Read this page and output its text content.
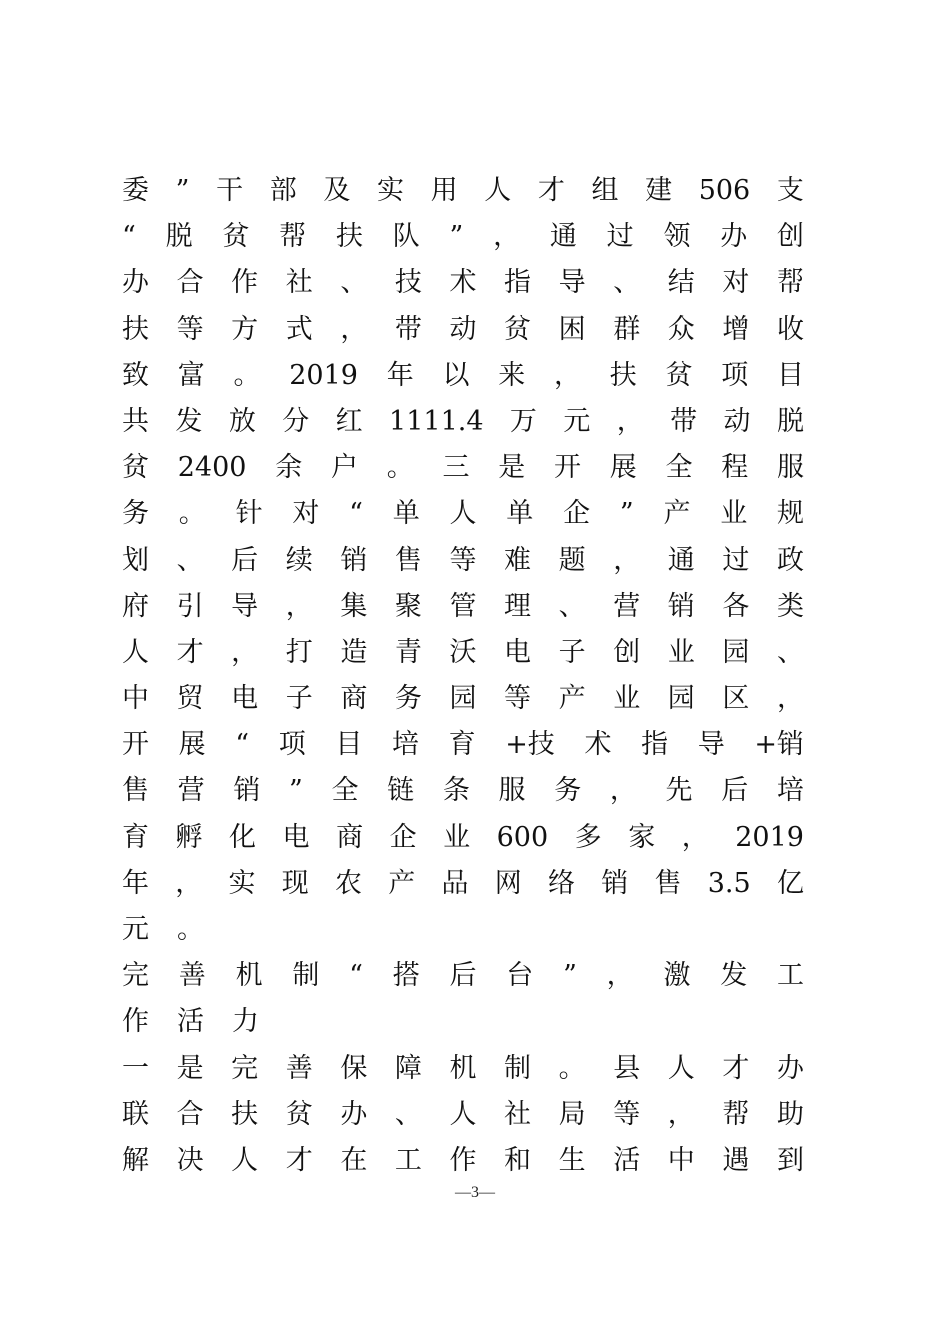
委 ” 干 部 及 实 用 人 才 组 建 506 支
“ 脱 贫 帮 扶 队 ” ， 通 过 领 办 创
办 合 作 社 、 技 术 指 导 、 结 对 帮
扶 等 方 式 ， 带 动 贫 困 群 众 增 收
致 富 。 2019 年 以 来 ， 扶 贫 项 目
共 发 放 分 红 1111.4 万 元 ， 带 动 脱
贫 2400 余 户 。 三 是 开 展 全 程 服
务 。 针 对 “ 单 人 单 企 ” 产 业 规
划 、 后 续 销 售 等 难 题 ， 通 过 政
府 引 导 ， 集 聚 管 理 、 营 销 各 类
人 才 ， 打 造 青 沃 电 子 创 业 园 、
中 贸 电 子 商 务 园 等 产 业 园 区 ，
开 展 “ 项 目 培 育 +技 术 指 导 +销
售 营 销 ” 全 链 条 服 务 ， 先 后 培
育 孵 化 电 商 企 业 600 多 家 ， 2019
年 ， 实 现 农 产 品 网 络 销 售 3.5 亿
元 。
完 善 机 制 “ 搭 后 台 ” ， 激 发 工
作 活 力
一 是 完 善 保 障 机 制 。 县 人 才 办
联 合 扶 贫 办 、 人 社 局 等 ， 帮 助
解 决 人 才 在 工 作 和 生 活 中 遇 到
—3—
